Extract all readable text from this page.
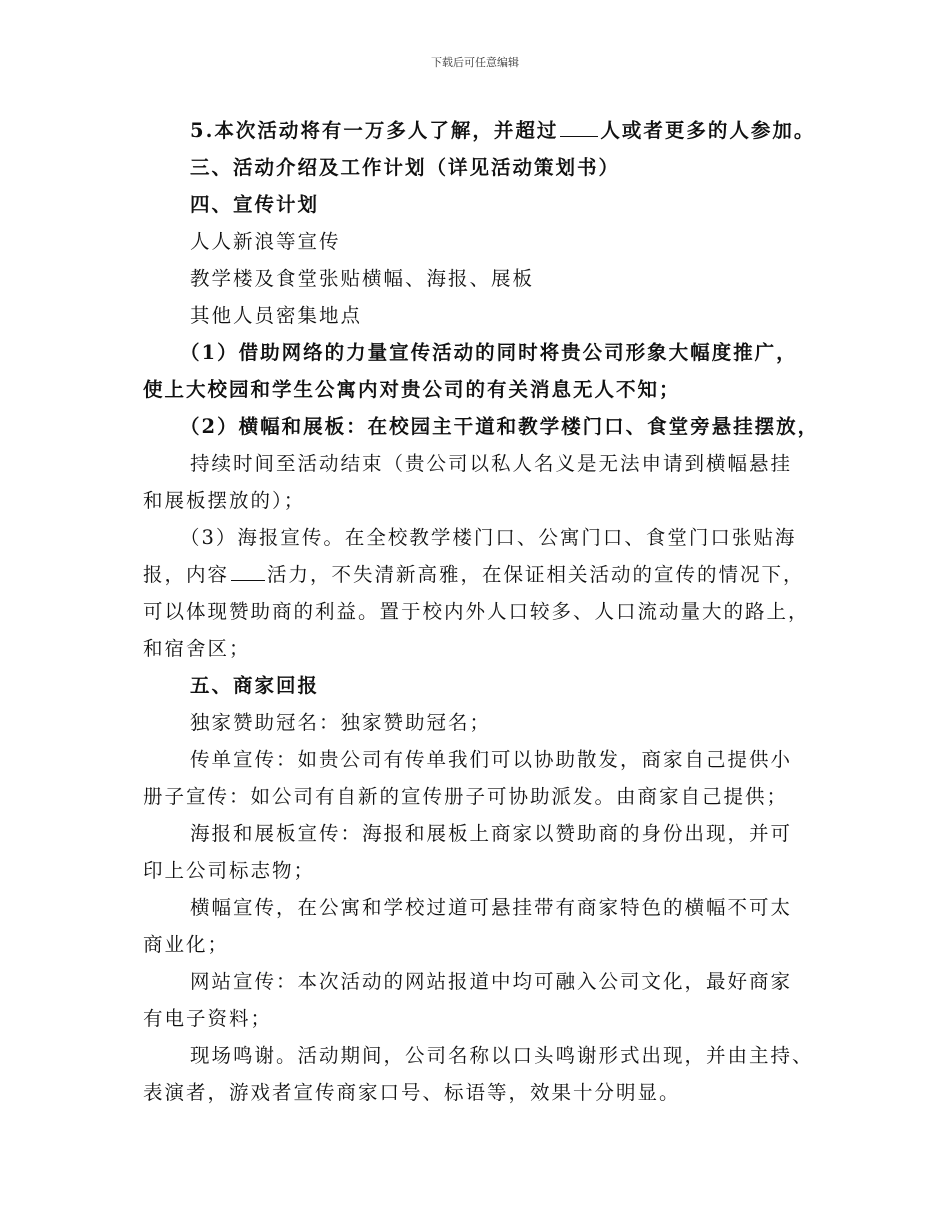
下载后可任意编辑
5.本次活动将有一万多人了解，并超过 人或者更多的人参加。
三、活动介绍及工作计划（详见活动策划书）
四、宣传计划
人人新浪等宣传
教学楼及食堂张贴横幅、海报、展板
其他人员密集地点
（1）借助网络的力量宣传活动的同时将贵公司形象大幅度推广，
使上大校园和学生公寓内对贵公司的有关消息无人不知；
（2）横幅和展板：在校园主干道和教学楼门口、食堂旁悬挂摆放，
持续时间至活动结束（贵公司以私人名义是无法申请到横幅悬挂
和展板摆放的）；
（3）海报宣传。在全校教学楼门口、公寓门口、食堂门口张贴海
报，内容 活力，不失清新高雅，在保证相关活动的宣传的情况下，
可以体现赞助商的利益。置于校内外人口较多、人口流动量大的路上，
和宿舍区；
五、商家回报
独家赞助冠名：独家赞助冠名；
传单宣传：如贵公司有传单我们可以协助散发，商家自己提供小
册子宣传：如公司有自新的宣传册子可协助派发。由商家自己提供；
海报和展板宣传：海报和展板上商家以赞助商的身份出现，并可
印上公司标志物；
横幅宣传，在公寓和学校过道可悬挂带有商家特色的横幅不可太
商业化；
网站宣传：本次活动的网站报道中均可融入公司文化，最好商家
有电子资料；
现场鸣谢。活动期间，公司名称以口头鸣谢形式出现，并由主持、
表演者，游戏者宣传商家口号、标语等，效果十分明显。
